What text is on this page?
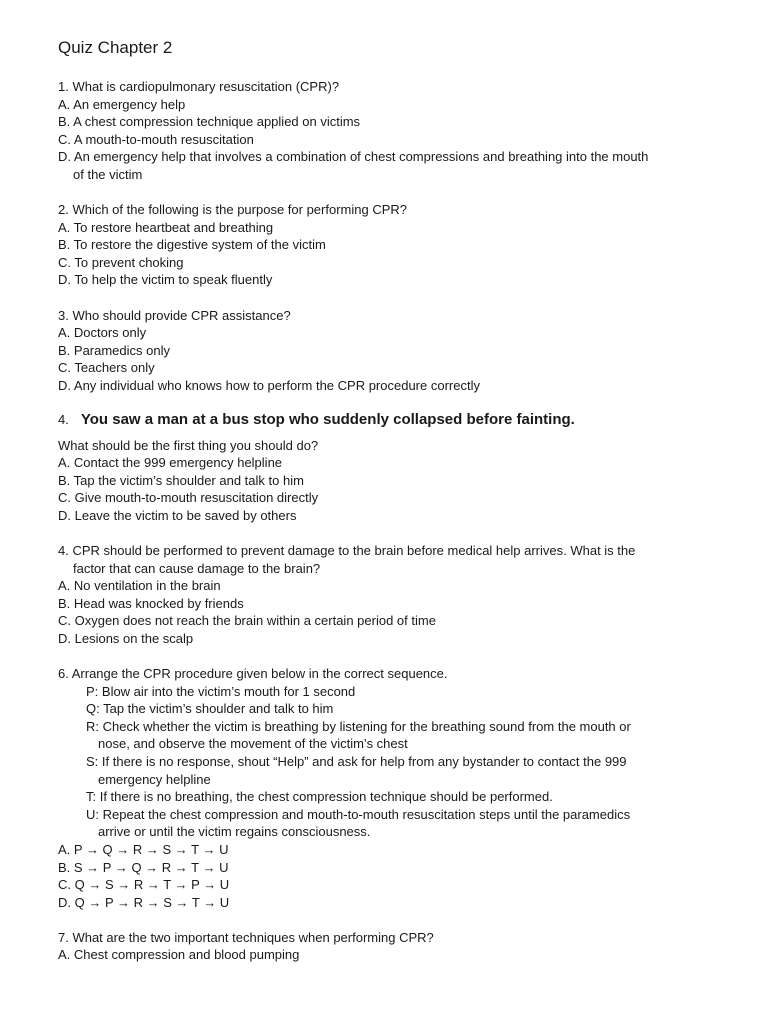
Quiz Chapter 2
1. What is cardiopulmonary resuscitation (CPR)?
A. An emergency help
B. A chest compression technique applied on victims
C. A mouth-to-mouth resuscitation
D. An emergency help that involves a combination of chest compressions and breathing into the mouth
of the victim
2. Which of the following is the purpose for performing CPR?
A. To restore heartbeat and breathing
B. To restore the digestive system of the victim
C. To prevent choking
D. To help the victim to speak fluently
3. Who should provide CPR assistance?
A. Doctors only
B. Paramedics only
C. Teachers only
D. Any individual who knows how to perform the CPR procedure correctly
4. You saw a man at a bus stop who suddenly collapsed before fainting.
What should be the first thing you should do?
A. Contact the 999 emergency helpline
B. Tap the victim’s shoulder and talk to him
C. Give mouth-to-mouth resuscitation directly
D. Leave the victim to be saved by others
4. CPR should be performed to prevent damage to the brain before medical help arrives. What is the
factor that can cause damage to the brain?
A. No ventilation in the brain
B. Head was knocked by friends
C. Oxygen does not reach the brain within a certain period of time
D. Lesions on the scalp
6. Arrange the CPR procedure given below in the correct sequence.
P: Blow air into the victim’s mouth for 1 second
Q: Tap the victim’s shoulder and talk to him
R: Check whether the victim is breathing by listening for the breathing sound from the mouth or
nose, and observe the movement of the victim’s chest
S: If there is no response, shout “Help” and ask for help from any bystander to contact the 999
emergency helpline
T: If there is no breathing, the chest compression technique should be performed.
U: Repeat the chest compression and mouth-to-mouth resuscitation steps until the paramedics
arrive or until the victim regains consciousness.
A. P → Q → R → S → T → U
B. S → P → Q → R → T → U
C. Q → S → R → T → P → U
D. Q → P → R → S → T → U
7. What are the two important techniques when performing CPR?
A. Chest compression and blood pumping
